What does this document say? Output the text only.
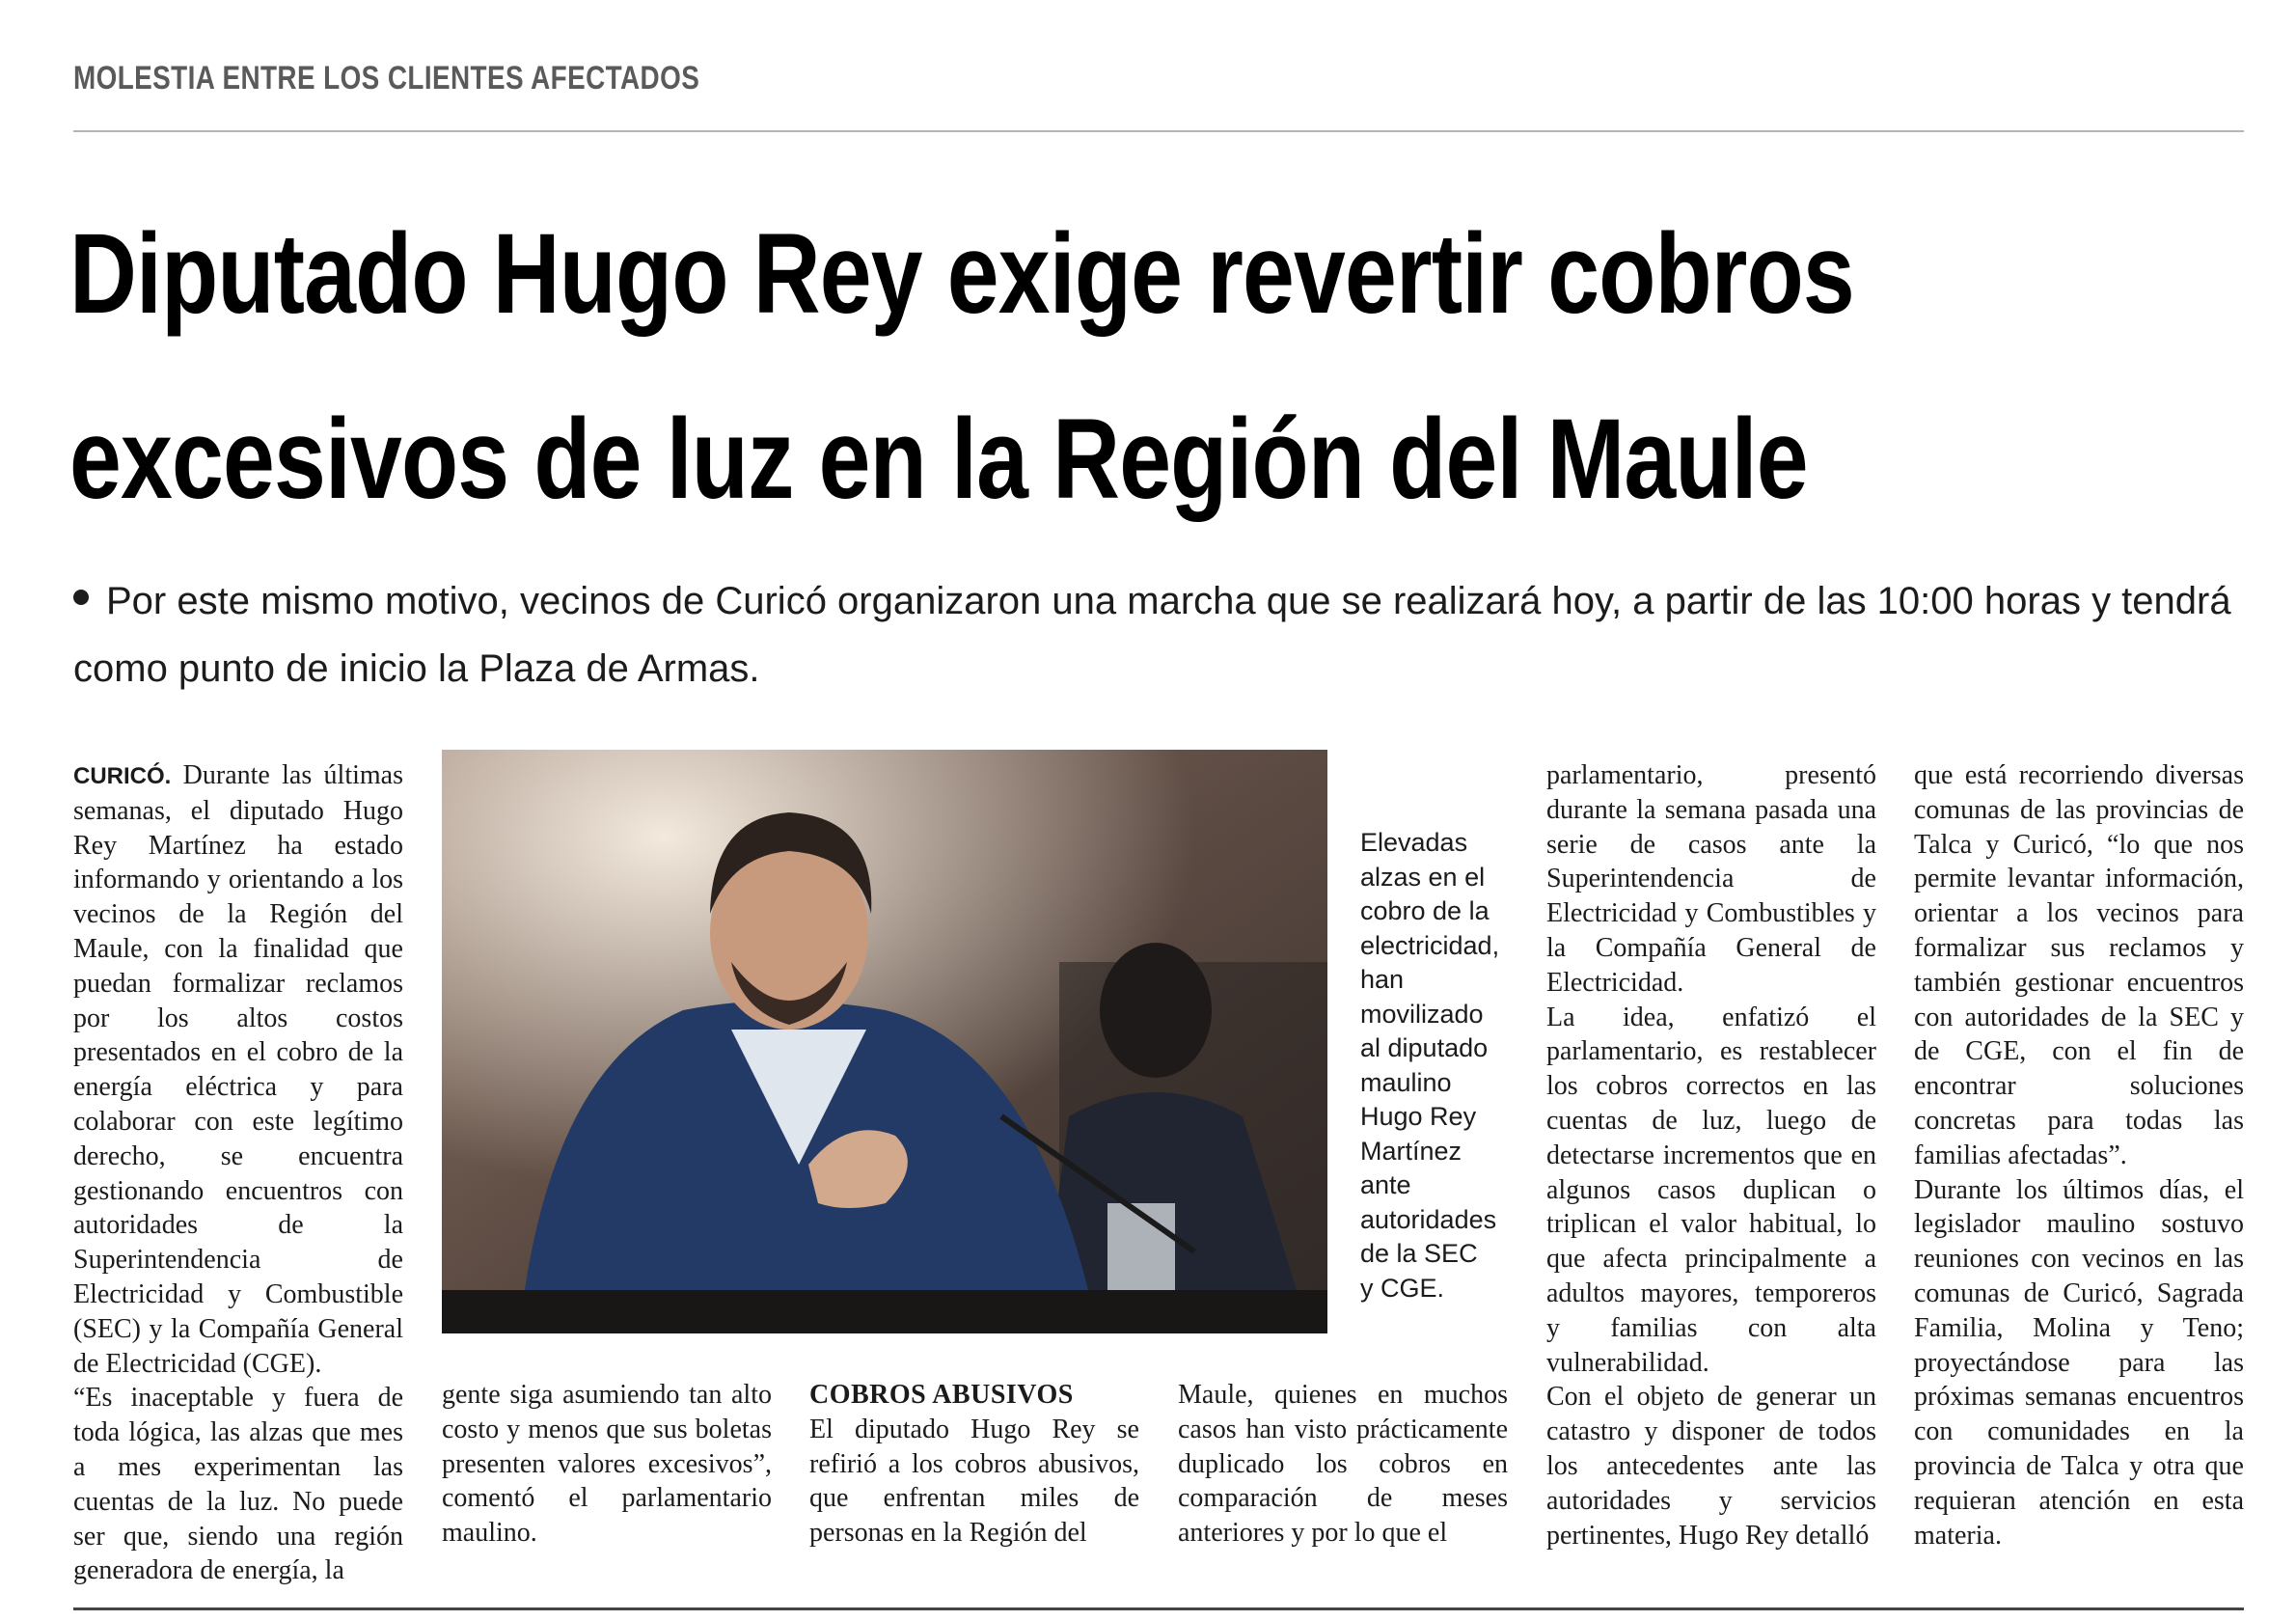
MOLESTIA ENTRE LOS CLIENTES AFECTADOS
Diputado Hugo Rey exige revertir cobros
excesivos de luz en la Región del Maule
Por este mismo motivo, vecinos de Curicó organizaron una marcha que se realizará hoy, a partir de las 10:00 horas y tendrá como punto de inicio la Plaza de Armas.

CURICÓ. Durante las últimas semanas, el diputado Hugo Rey Martínez ha estado informando y orientando a los vecinos de la Región del Maule, con la finalidad que puedan formalizar reclamos por los altos costos presentados en el cobro de la energía eléctrica y para colaborar con este legítimo derecho, se encuentra gestionando encuentros con autoridades de la Superintendencia de Electricidad y Combustible (SEC) y la Compañía General de Electricidad (CGE).

“Es inaceptable y fuera de toda lógica, las alzas que mes a mes experimentan las cuentas de la luz. No puede ser que, siendo una región generadora de energía, la

Elevadas alzas en el cobro de la electricidad, han movilizado al diputado maulino Hugo Rey Martínez ante autoridades de la SEC y CGE.

gente siga asumiendo tan alto costo y menos que sus boletas presenten valores excesivos”, comentó el parlamentario maulino.

COBROS ABUSIVOS

El diputado Hugo Rey se refirió a los cobros abusivos, que enfrentan miles de personas en la Región del

Maule, quienes en muchos casos han visto prácticamente duplicado los cobros en comparación de meses anteriores y por lo que el

parlamentario, presentó durante la semana pasada una serie de casos ante la Superintendencia de Electricidad y Combustibles y la Compañía General de Electricidad.

La idea, enfatizó el parlamentario, es restablecer los cobros correctos en las cuentas de luz, luego de detectarse incrementos que en algunos casos duplican o triplican el valor habitual, lo que afecta principalmente a adultos mayores, temporeros y familias con alta vulnerabilidad.

Con el objeto de generar un catastro y disponer de todos los antecedentes ante las autoridades y servicios pertinentes, Hugo Rey detalló

que está recorriendo diversas comunas de las provincias de Talca y Curicó, “lo que nos permite levantar información, orientar a los vecinos para formalizar sus reclamos y también gestionar encuentros con autoridades de la SEC y de CGE, con el fin de encontrar soluciones concretas para todas las familias afectadas”.

Durante los últimos días, el legislador maulino sostuvo reuniones con vecinos en las comunas de Curicó, Sagrada Familia, Molina y Teno; proyectándose para las próximas semanas encuentros con comunidades en la provincia de Talca y otra que requieran atención en esta materia.
